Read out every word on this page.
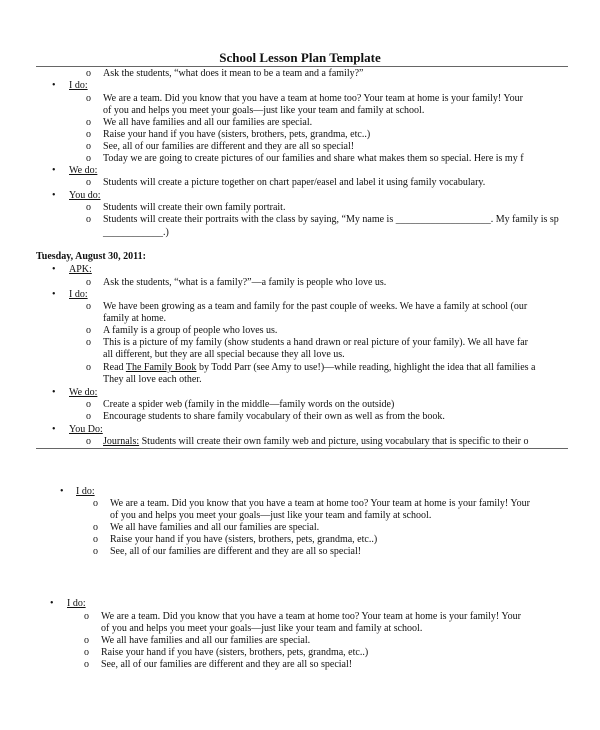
School Lesson Plan Template
o Ask the students, “what does it mean to be a team and a family?”
• I do:
o We are a team. Did you know that you have a team at home too? Your team at home is your family! Your
of you and helps you meet your goals—just like your team and family at school.
o We all have families and all our families are special.
o Raise your hand if you have (sisters, brothers, pets, grandma, etc..)
o See, all of our families are different and they are all so special!
o Today we are going to create pictures of our families and share what makes them so special. Here is my f
• We do:
o Students will create a picture together on chart paper/easel and label it using family vocabulary.
• You do:
o Students will create their own family portrait.
o Students will create their portraits with the class by saying, “My name is ___________________. My family is sp
____________.)
Tuesday, August 30, 2011:
• APK:
o Ask the students, “what is a family?”—a family is people who love us.
• I do:
o We have been growing as a team and family for the past couple of weeks. We have a family at school (our
family at home.
o A family is a group of people who loves us.
o This is a picture of my family (show students a hand drawn or real picture of your family). We all have far
all different, but they are all special because they all love us.
o Read The Family Book by Todd Parr (see Amy to use!)—while reading, highlight the idea that all families a
They all love each other.
• We do:
o Create a spider web (family in the middle—family words on the outside)
o Encourage students to share family vocabulary of their own as well as from the book.
• You Do:
o Journals: Students will create their own family web and picture, using vocabulary that is specific to their o
• I do:
o We are a team. Did you know that you have a team at home too? Your team at home is your family! Your
of you and helps you meet your goals—just like your team and family at school.
o We all have families and all our families are special.
o Raise your hand if you have (sisters, brothers, pets, grandma, etc..)
o See, all of our families are different and they are all so special!
• I do:
o We are a team. Did you know that you have a team at home too? Your team at home is your family! Your
of you and helps you meet your goals—just like your team and family at school.
o We all have families and all our families are special.
o Raise your hand if you have (sisters, brothers, pets, grandma, etc..)
o See, all of our families are different and they are all so special!
